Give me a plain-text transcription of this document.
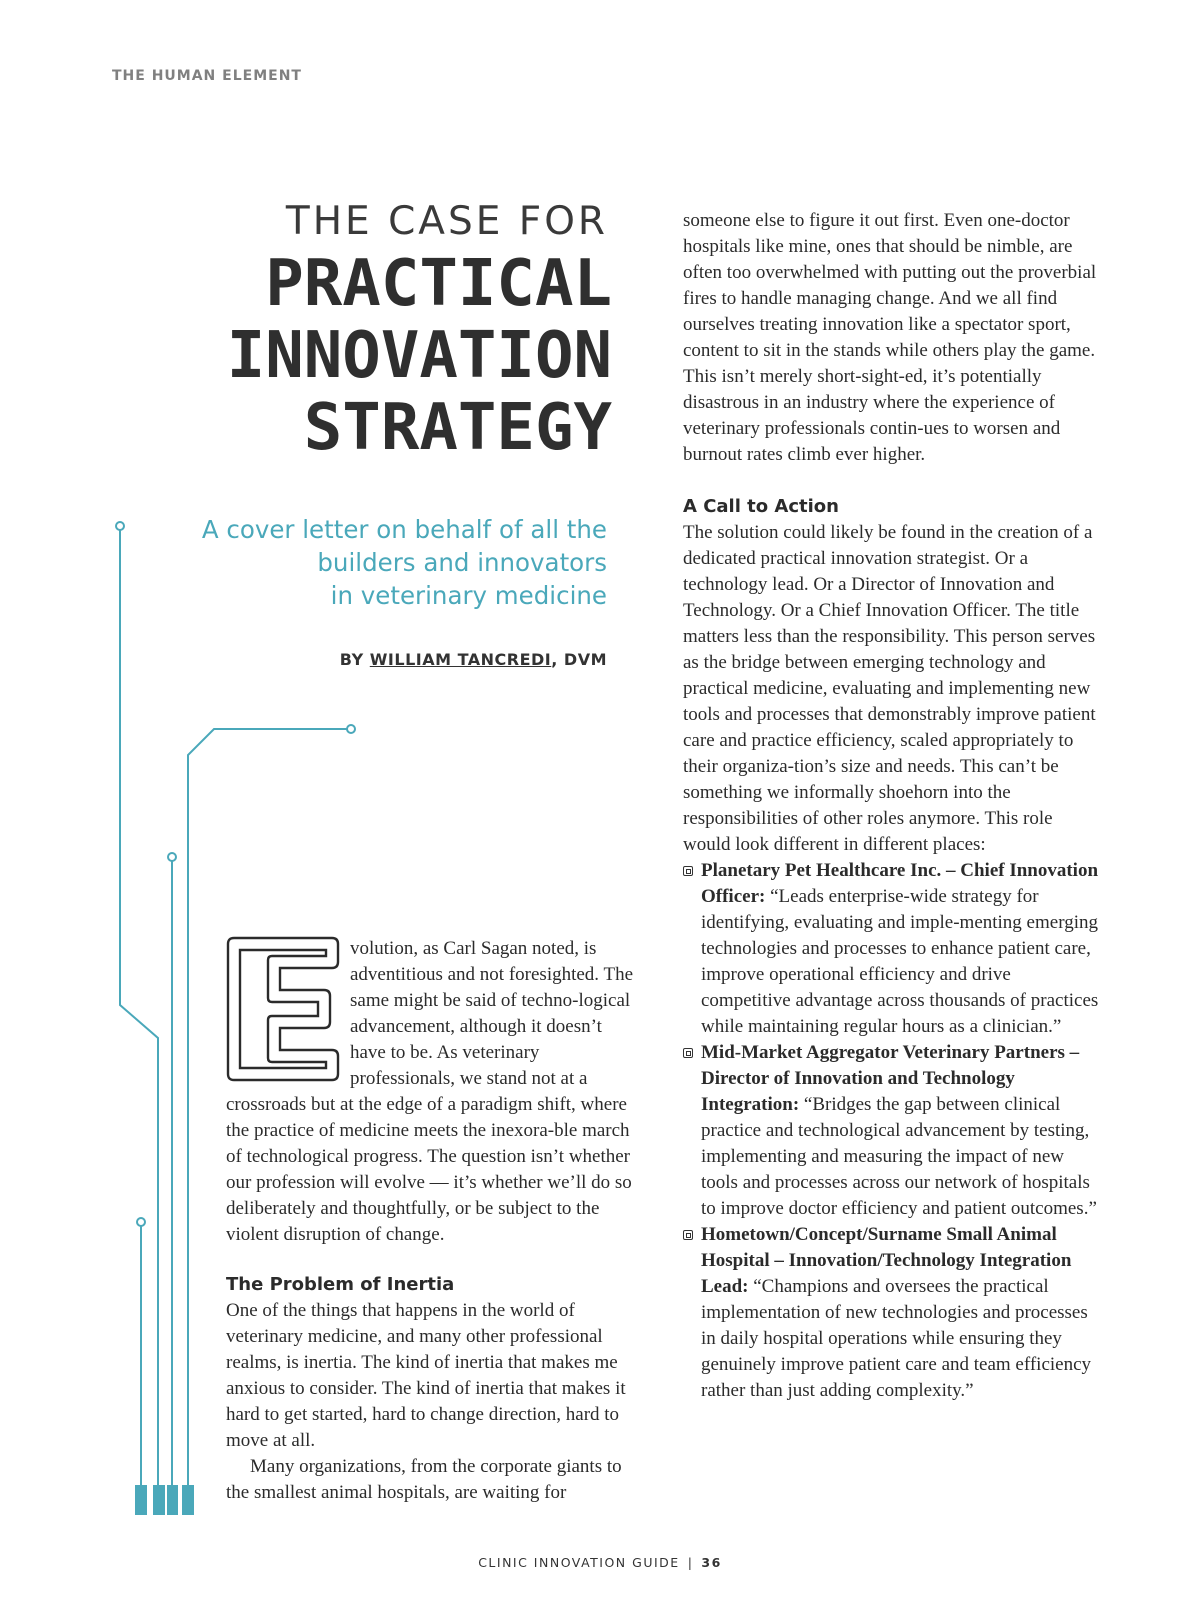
THE HUMAN ELEMENT
THE CASE FOR
PRACTICAL
INNOVATION
STRATEGY
A cover letter on behalf of all the
builders and innovators
in veterinary medicine
BY WILLIAM TANCREDI, DVM

volution, as Carl Sagan noted, is adventitious and not foresighted. The same might be said of techno-logical advancement, although it doesn’t have to be. As veterinary professionals, we stand not at a crossroads but at the edge of a paradigm shift, where the practice of medicine meets the inexora-ble march of technological progress. The question isn’t whether our profession will evolve — it’s whether we’ll do so deliberately and thoughtfully, or be subject to the violent disruption of change.

The Problem of Inertia

One of the things that happens in the world of veterinary medicine, and many other professional realms, is inertia. The kind of inertia that makes me anxious to consider. The kind of inertia that makes it hard to get started, hard to change direction, hard to move at all.

Many organizations, from the corporate giants to the smallest animal hospitals, are waiting for

someone else to figure it out first. Even one-doctor hospitals like mine, ones that should be nimble, are often too overwhelmed with putting out the proverbial fires to handle managing change. And we all find ourselves treating innovation like a spectator sport, content to sit in the stands while others play the game. This isn’t merely short-sight-ed, it’s potentially disastrous in an industry where the experience of veterinary professionals contin-ues to worsen and burnout rates climb ever higher.

A Call to Action

The solution could likely be found in the creation of a dedicated practical innovation strategist. Or a technology lead. Or a Director of Innovation and Technology. Or a Chief Innovation Officer. The title matters less than the responsibility. This person serves as the bridge between emerging technology and practical medicine, evaluating and implementing new tools and processes that demonstrably improve patient care and practice efficiency, scaled appropriately to their organiza-tion’s size and needs. This can’t be something we informally shoehorn into the responsibilities of other roles anymore. This role would look different in different places:

Planetary Pet Healthcare Inc. – Chief Innovation Officer: “Leads enterprise-wide strategy for identifying, evaluating and imple-menting emerging technologies and processes to enhance patient care, improve operational efficiency and drive competitive advantage across thousands of practices while maintaining regular hours as a clinician.”
Mid-Market Aggregator Veterinary Partners – Director of Innovation and Technology Integration: “Bridges the gap between clinical practice and technological advancement by testing, implementing and measuring the impact of new tools and processes across our network of hospitals to improve doctor efficiency and patient outcomes.”
Hometown/Concept/Surname Small Animal Hospital – Innovation/Technology Integration Lead: “Champions and oversees the practical implementation of new technologies and processes in daily hospital operations while ensuring they genuinely improve patient care and team efficiency rather than just adding complexity.”
CLINIC INNOVATION GUIDE | 36
